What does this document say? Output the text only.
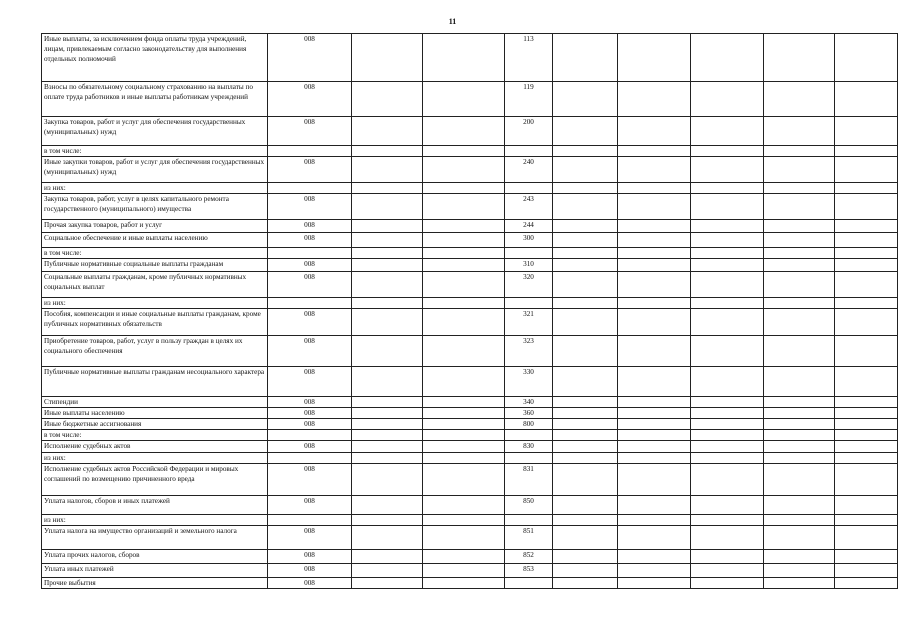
11
Иные выплаты, за исключением фонда оплаты труда учреждений, лицам, привлекаемым согласно законодательству для выполнения отдельных полномочий	008			113					
Взносы по обязательному социальному страхованию на выплаты по оплате труда работников и иные выплаты работникам учреждений	008			119					
Закупка товаров, работ и услуг для обеспечения государственных (муниципальных) нужд	008			200					
в том числе:									
Иные закупки товаров, работ и услуг для обеспечения государственных (муниципальных) нужд	008			240					
из них:									
Закупка товаров, работ, услуг в целях капитального ремонта государственного (муниципального) имущества	008			243					
Прочая закупка товаров, работ и услуг	008			244					
Социальное обеспечение и иные выплаты населению	008			300					
в том числе:									
Публичные нормативные социальные выплаты гражданам	008			310					
Социальные выплаты гражданам, кроме публичных нормативных социальных выплат	008			320					
из них:									
Пособия, компенсации и иные социальные выплаты гражданам, кроме публичных нормативных обязательств	008			321					
Приобретение товаров, работ, услуг в пользу граждан в целях их социального обеспечения	008			323					
Публичные нормативные выплаты гражданам несоциального характера	008			330					
Стипендии	008			340					
Иные выплаты населению	008			360					
Иные бюджетные ассигнования	008			800					
в том числе:									
Исполнение судебных актов	008			830					
из них:									
Исполнение судебных актов Российской Федерации и мировых соглашений по возмещению причиненного вреда	008			831					
Уплата налогов, сборов и иных платежей	008			850					
из них:									
Уплата налога на имущество организаций и земельного налога	008			851					
Уплата прочих налогов, сборов	008			852					
Уплата иных платежей	008			853					
Прочие выбытия	008								
